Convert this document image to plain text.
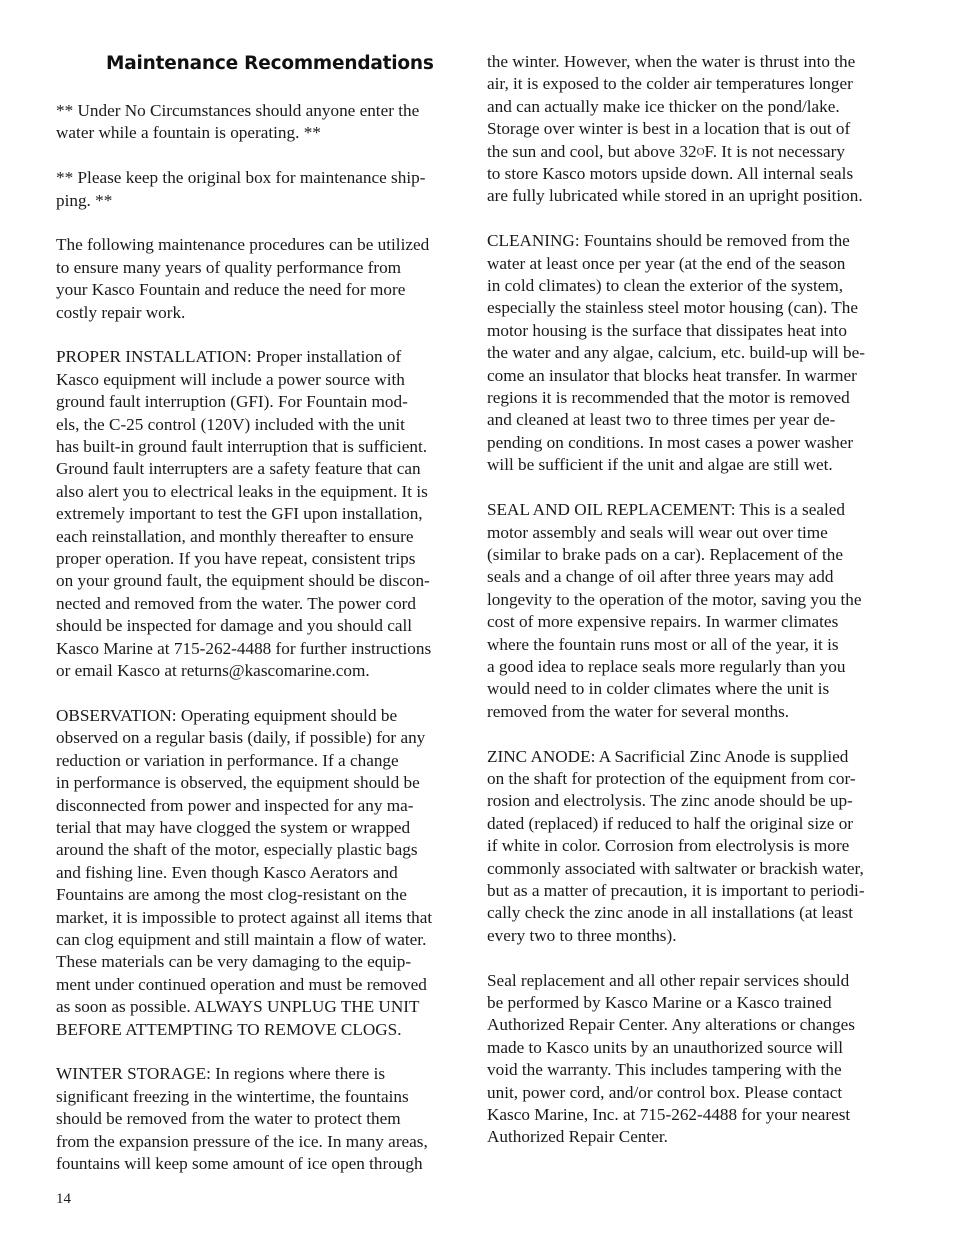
Maintenance Recommendations

** Under No Circumstances should anyone enter the
water while a fountain is operating. **

** Please keep the original box for maintenance ship-
ping. **

The following maintenance procedures can be utilized
to ensure many years of quality performance from
your Kasco Fountain and reduce the need for more
costly repair work.

PROPER INSTALLATION: Proper installation of
Kasco equipment will include a power source with
ground fault interruption (GFI). For Fountain mod-
els, the C-25 control (120V) included with the unit
has built-in ground fault interruption that is sufficient.
Ground fault interrupters are a safety feature that can
also alert you to electrical leaks in the equipment. It is
extremely important to test the GFI upon installation,
each reinstallation, and monthly thereafter to ensure
proper operation. If you have repeat, consistent trips
on your ground fault, the equipment should be discon-
nected and removed from the water. The power cord
should be inspected for damage and you should call
Kasco Marine at 715-262-4488 for further instructions
or email Kasco at returns@kascomarine.com.

OBSERVATION: Operating equipment should be
observed on a regular basis (daily, if possible) for any
reduction or variation in performance. If a change
in performance is observed, the equipment should be
disconnected from power and inspected for any ma-
terial that may have clogged the system or wrapped
around the shaft of the motor, especially plastic bags
and fishing line. Even though Kasco Aerators and
Fountains are among the most clog-resistant on the
market, it is impossible to protect against all items that
can clog equipment and still maintain a flow of water.
These materials can be very damaging to the equip-
ment under continued operation and must be removed
as soon as possible. ALWAYS UNPLUG THE UNIT
BEFORE ATTEMPTING TO REMOVE CLOGS.

WINTER STORAGE: In regions where there is
significant freezing in the wintertime, the fountains
should be removed from the water to protect them
from the expansion pressure of the ice. In many areas,
fountains will keep some amount of ice open through

the winter. However, when the water is thrust into the
air, it is exposed to the colder air temperatures longer
and can actually make ice thicker on the pond/lake.
Storage over winter is best in a location that is out of
the sun and cool, but above $32^OF$. It is not necessary
to store Kasco motors upside down. All internal seals
are fully lubricated while stored in an upright position.

CLEANING: Fountains should be removed from the
water at least once per year (at the end of the season
in cold climates) to clean the exterior of the system,
especially the stainless steel motor housing (can). The
motor housing is the surface that dissipates heat into
the water and any algae, calcium, etc. build-up will be-
come an insulator that blocks heat transfer. In warmer
regions it is recommended that the motor is removed
and cleaned at least two to three times per year de-
pending on conditions. In most cases a power washer
will be sufficient if the unit and algae are still wet.

SEAL AND OIL REPLACEMENT: This is a sealed
motor assembly and seals will wear out over time
(similar to brake pads on a car). Replacement of the
seals and a change of oil after three years may add
longevity to the operation of the motor, saving you the
cost of more expensive repairs. In warmer climates
where the fountain runs most or all of the year, it is
a good idea to replace seals more regularly than you
would need to in colder climates where the unit is
removed from the water for several months.

ZINC ANODE: A Sacrificial Zinc Anode is supplied
on the shaft for protection of the equipment from cor-
rosion and electrolysis. The zinc anode should be up-
dated (replaced) if reduced to half the original size or
if white in color. Corrosion from electrolysis is more
commonly associated with saltwater or brackish water,
but as a matter of precaution, it is important to periodi-
cally check the zinc anode in all installations (at least
every two to three months).

Seal replacement and all other repair services should
be performed by Kasco Marine or a Kasco trained
Authorized Repair Center. Any alterations or changes
made to Kasco units by an unauthorized source will
void the warranty. This includes tampering with the
unit, power cord, and/or control box. Please contact
Kasco Marine, Inc. at 715-262-4488 for your nearest
Authorized Repair Center.

14
